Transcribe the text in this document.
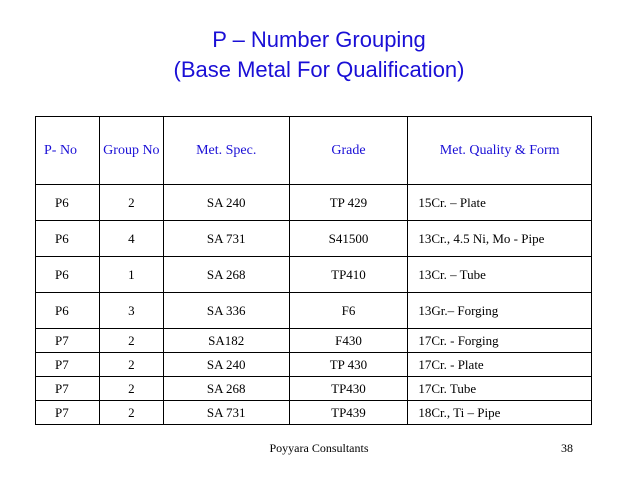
P – Number Grouping
(Base Metal For Qualification)
P- No	Group No	Met. Spec.	Grade	Met. Quality & Form
P6	2	SA 240	TP 429	15Cr. – Plate
P6	4	SA 731	S41500	13Cr., 4.5 Ni, Mo - Pipe
P6	1	SA 268	TP410	13Cr. – Tube
P6	3	SA 336	F6	13Gr.– Forging
P7	2	SA182	F430	17Cr. - Forging
P7	2	SA 240	TP 430	17Cr. - Plate
P7	2	SA 268	TP430	17Cr. Tube
P7	2	SA 731	TP439	18Cr., Ti – Pipe
Poyyara Consultants	38
